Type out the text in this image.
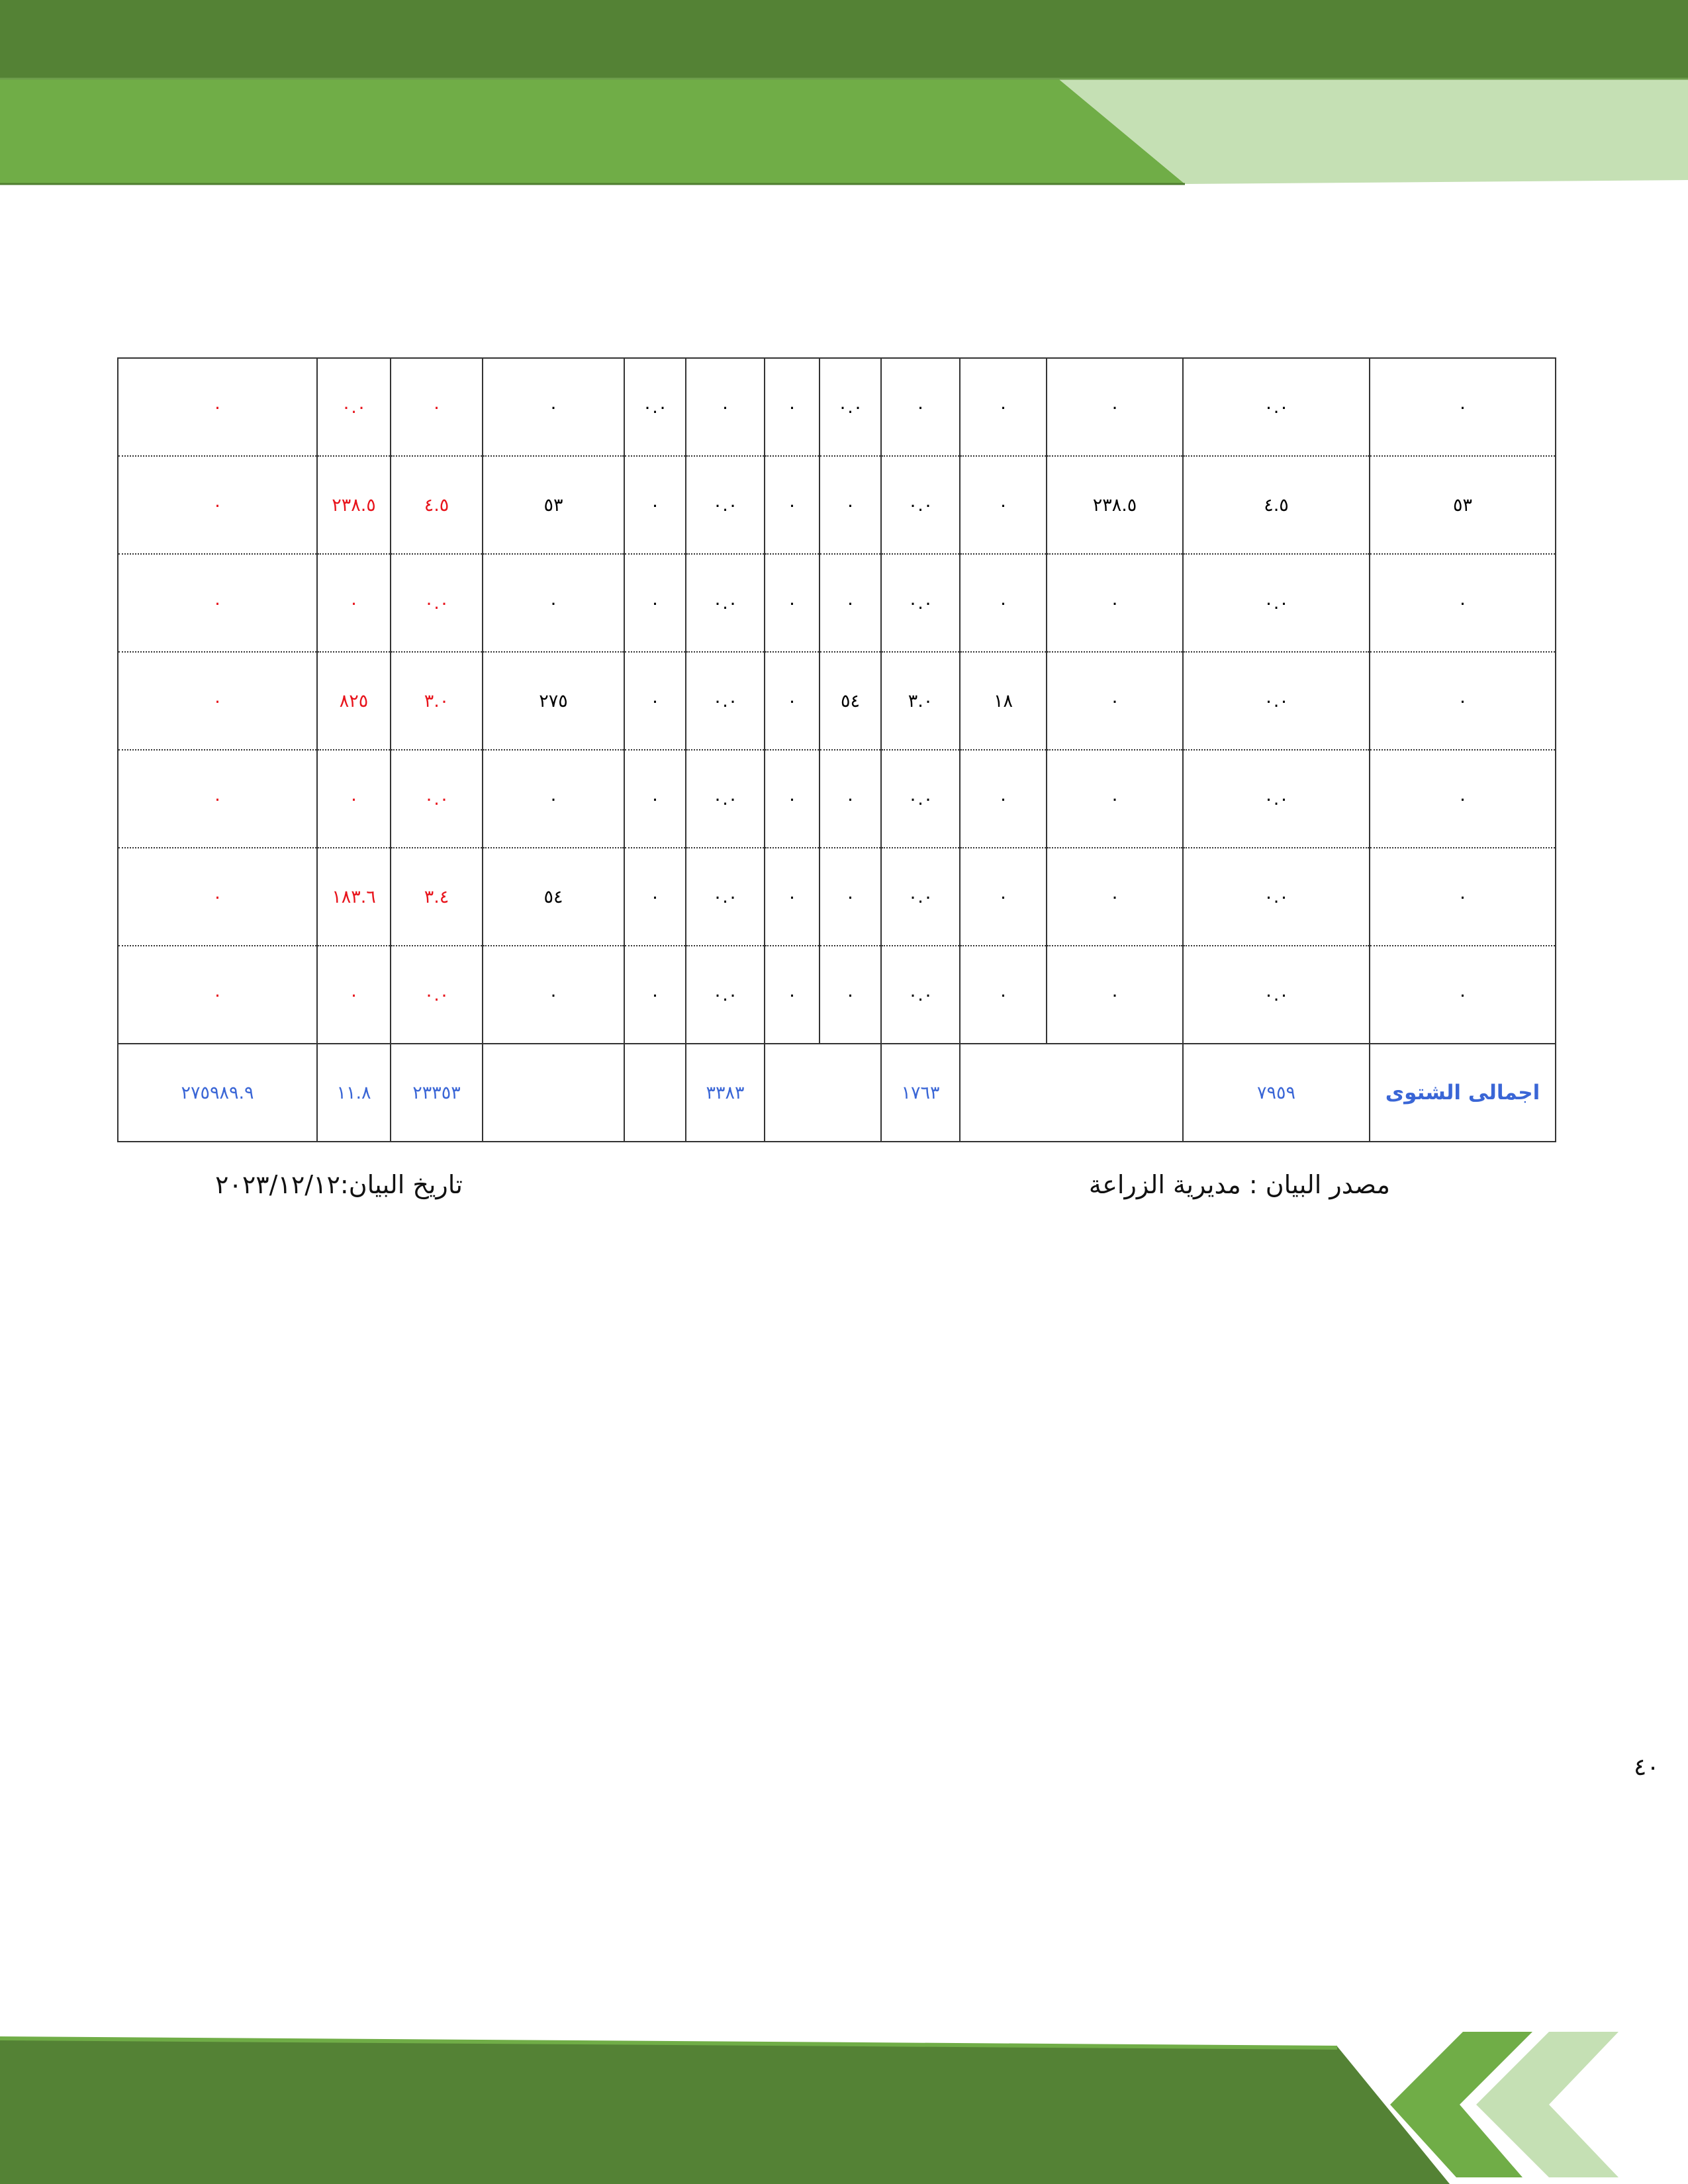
٠	٠.٠	٠	٠	٠.٠	٠	٠	٠.٠	٠	٠	٠	٠.٠	٠	
٠	٢٣٨.٥	٤.٥	٥٣	٠	٠.٠	٠	٠	٠.٠	٠	٢٣٨.٥	٤.٥	٥٣	
٠	٠	٠.٠	٠	٠	٠.٠	٠	٠	٠.٠	٠	٠	٠.٠	٠	
٠	٨٢٥	٣.٠	٢٧٥	٠	٠.٠	٠	٥٤	٣.٠	١٨	٠	٠.٠	٠	
٠	٠	٠.٠	٠	٠	٠.٠	٠	٠	٠.٠	٠	٠	٠.٠	٠	
٠	١٨٣.٦	٣.٤	٥٤	٠	٠.٠	٠	٠	٠.٠	٠	٠	٠.٠	٠	
٠	٠	٠.٠	٠	٠	٠.٠	٠	٠	٠.٠	٠	٠	٠.٠	٠	
٢٧٥٩٨٩.٩	١١.٨	٢٣٣٥٣			٣٣٨٣			١٧٦٣			٧٩٥٩	اجمالى الشتوى	
مصدر البيان : مديرية الزراعة
تاريخ البيان:٢٠٢٣/١٢/١٢
٤٠
